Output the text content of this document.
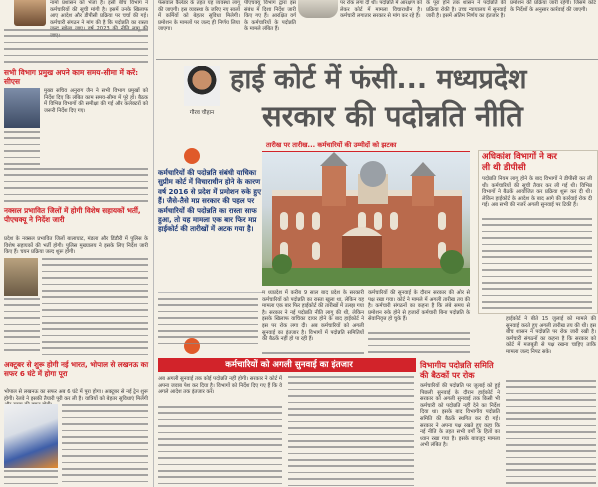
नामों प्रशासन को भेजा है। इसी बीच विभाग ने कर्मचारियों की सूची मांगी है। इसमें उनके खिलाफ आए आदेश और डीपीसी प्रक्रिया पर चर्चा की गई। कर्मचारी संगठन ने मांग की है कि पदोन्नति का रास्ता
सभी विभाग प्रमुख अपने काम समय-सीमा में करें: सीएस
मुख्य सचिव अनुराग जैन ने सभी विभाग प्रमुखों को निर्देश दिए कि लंबित काम समय-सीमा में पूरे हों। बैठक में विभिन्न विभागों की समीक्षा की गई और कलेक्टरों को जरूरी निर्देश दिए गए।
नक्सल प्रभावित जिलों में होगी विशेष सहायकों भर्ती, पीएचक्यू ने निर्देश जारी
प्रदेश के नक्सल प्रभावित जिलों बालाघाट, मंडला और डिंडौरी में पुलिस के विशेष सहायकों की भर्ती होगी। पुलिस मुख्यालय ने इसके लिए निर्देश जारी किए हैं। चयन प्रक्रिया जल्द शुरू होगी।
अक्टूबर से शुरू होगी नई भारत, भोपाल से लखनऊ का सफर 6 घंटे में होगा पूरा
भोपाल से लखनऊ का सफर अब 6 घंटे में पूरा होगा। अक्टूबर से नई ट्रेन शुरू होगी। रेलवे ने इसकी तैयारी पूरी कर ली है। यात्रियों को बेहतर सुविधाएं मिलेंगी
फेसवाल कैलेंडर के तहत यह व्यवस्था लागू की जाएगी। इस व्यवस्था के जरिए नए सालों में कर्मियों को बेहतर सुविधा मिलेगी। प्रमोशन के मामलों पर जल्द ही निर्णय लिया जाएगा।
पीएचक्यू विभाग द्वारा इस संबंध में दिशा निर्देश जारी किए गए हैं। आरक्षित वर्ग के कर्मचारियों के पदोन्नति के मामले लंबित हैं।
पर रोक लगा दी थी। पदोन्नति में आरक्षण को लेकर कोर्ट में मामला विचाराधीन है। कर्मचारी लगातार सरकार से मांग कर रहे हैं।
के पूरा होने तक शासन ने पदोन्नति की प्रक्रिया रोकी है। उच्च न्यायालय में सुनवाई जारी है। इसमें अंतिम निर्णय का इंतजार है।
प्रमोशन की प्रक्रिया जारी रहेगी। जिसमें कोर्ट के निर्देशों के अनुसार कार्रवाई की जाएगी।
गौरव चौहान
हाई कोर्ट में फंसी... मध्यप्रदेश
सरकार की पदोन्नति नीति
तारीख पर तारीख... कर्मचारियों की उम्मीदों को झटका
कर्मचारियों की पदोन्नति संबंधी याचिका सुप्रीम कोर्ट में विचाराधीन होने के कारण वर्ष 2016 से प्रदेश में प्रमोशन रुके हुए हैं। जैसे-तैसे मप्र सरकार की पहल पर कर्मचारियों की पदोन्नति का रास्ता साफ हुआ, तो यह मामला एक बार फिर मप्र हाईकोर्ट की तारीखों में अटक गया है।
अधिकांश विभागों ने कर
ली थी डीपीसी
पदोन्नति नियम लागू होने के बाद विभागों ने डीपीसी कर ली थी। कर्मचारियों की सूची तैयार कर ली गई थी। विभिन्न विभागों ने बैठकें आयोजित कर प्रक्रिया शुरू कर दी थी। लेकिन हाईकोर्ट के आदेश के बाद आगे की कार्रवाई रोक दी गई। अब सभी की नजरें अगली सुनवाई पर टिकी हैं।
म ध्यप्रदेश में करीब 9 साल बाद प्रदेश के सरकारी कर्मचारियों को पदोन्नति का रास्ता खुला था, लेकिन यह मामला एक बार फिर हाईकोर्ट की तारीखों में उलझ गया है। सरकार ने नई पदोन्नति नीति लागू की थी, लेकिन इसके खिलाफ याचिका दायर होने के बाद हाईकोर्ट ने इस पर रोक लगा दी। अब कर्मचारियों को अगली सुनवाई का इंतजार है। विभागों में पदोन्नति समितियों की बैठकें नहीं हो पा रही हैं।
कर्मचारियों की सुनवाई के दौरान सरकार की ओर से पक्ष रखा गया। कोर्ट ने मामले में अगली तारीख तय की है। कर्मचारी संगठनों का कहना है कि लंबे समय से प्रमोशन रुके होने से हजारों कर्मचारी बिना पदोन्नति के सेवानिवृत्त हो चुके हैं।
विभागीय पदोन्नति समिति
की बैठकों पर रोक
कर्मचारियों की पदोन्नति पर जुलाई को हुई पिछली सुनवाई के दौरान हाईकोर्ट ने सरकार को अगली सुनवाई तक किसी भी कर्मचारी को पदोन्नति नहीं देने का निर्देश दिया था। इसके बाद विभागीय पदोन्नति समिति की बैठकें स्थगित कर दी गईं। सरकार ने अपना पक्ष रखते हुए कहा कि नई नीति के तहत सभी वर्गों के हितों का ध्यान रखा गया है। इसके बावजूद मामला अभी लंबित है।
हाईकोर्ट ने बीते 15 जुलाई को मामले की सुनवाई करते हुए अगली तारीख तय की थी। इस बीच शासन ने पदोन्नति पर रोक जारी रखी है। कर्मचारी संगठनों का कहना है कि सरकार को कोर्ट में मजबूती से पक्ष रखना चाहिए ताकि मामला जल्द निपट सके।
कर्मचारियों को अगली सुनवाई का इंतजार
अब अगली सुनवाई तक कोई पदोन्नति नहीं होगी। सरकार ने कोर्ट में अपना जवाब पेश कर दिया है। विभागों को निर्देश दिए गए हैं कि वे अगले आदेश तक इंतजार करें।
